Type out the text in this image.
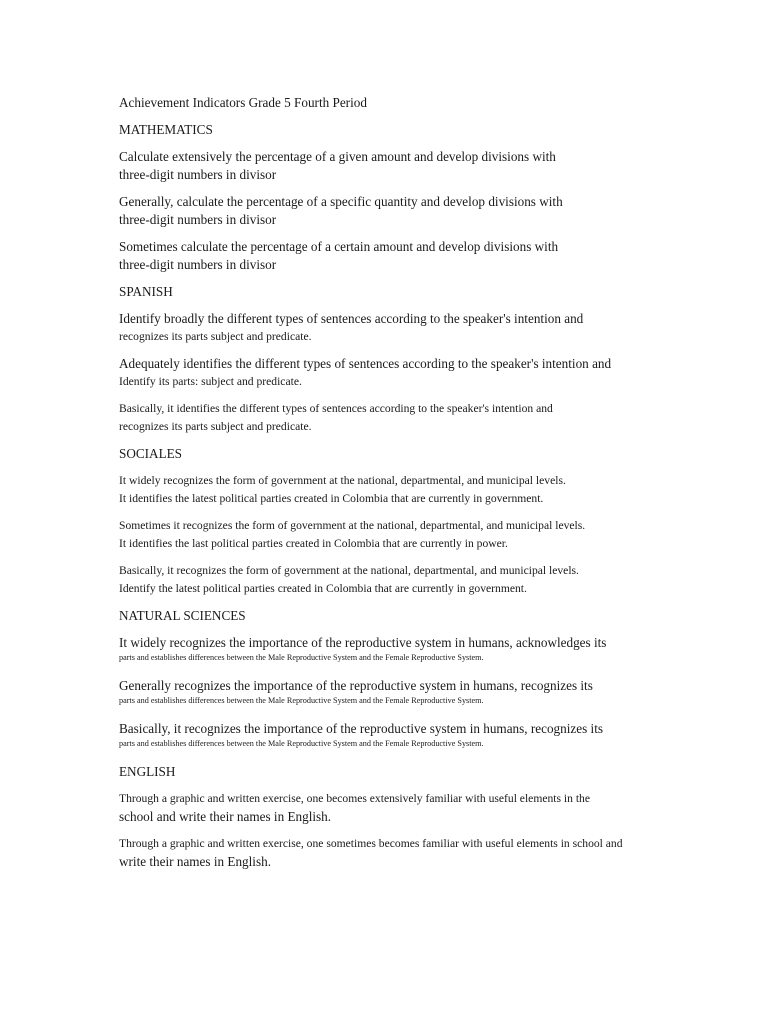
Achievement Indicators Grade 5 Fourth Period
MATHEMATICS
Calculate extensively the percentage of a given amount and develop divisions with
three-digit numbers in divisor
Generally, calculate the percentage of a specific quantity and develop divisions with
three-digit numbers in divisor
Sometimes calculate the percentage of a certain amount and develop divisions with
three-digit numbers in divisor
SPANISH
Identify broadly the different types of sentences according to the speaker's intention and
recognizes its parts subject and predicate.
Adequately identifies the different types of sentences according to the speaker's intention and
Identify its parts: subject and predicate.
Basically, it identifies the different types of sentences according to the speaker's intention and
recognizes its parts subject and predicate.
SOCIALES
It widely recognizes the form of government at the national, departmental, and municipal levels.
It identifies the latest political parties created in Colombia that are currently in government.
Sometimes it recognizes the form of government at the national, departmental, and municipal levels.
It identifies the last political parties created in Colombia that are currently in power.
Basically, it recognizes the form of government at the national, departmental, and municipal levels.
Identify the latest political parties created in Colombia that are currently in government.
NATURAL SCIENCES
It widely recognizes the importance of the reproductive system in humans, acknowledges its
parts and establishes differences between the Male Reproductive System and the Female Reproductive System.
Generally recognizes the importance of the reproductive system in humans, recognizes its
parts and establishes differences between the Male Reproductive System and the Female Reproductive System.
Basically, it recognizes the importance of the reproductive system in humans, recognizes its
parts and establishes differences between the Male Reproductive System and the Female Reproductive System.
ENGLISH
Through a graphic and written exercise, one becomes extensively familiar with useful elements in the
school and write their names in English.
Through a graphic and written exercise, one sometimes becomes familiar with useful elements in school and
write their names in English.
